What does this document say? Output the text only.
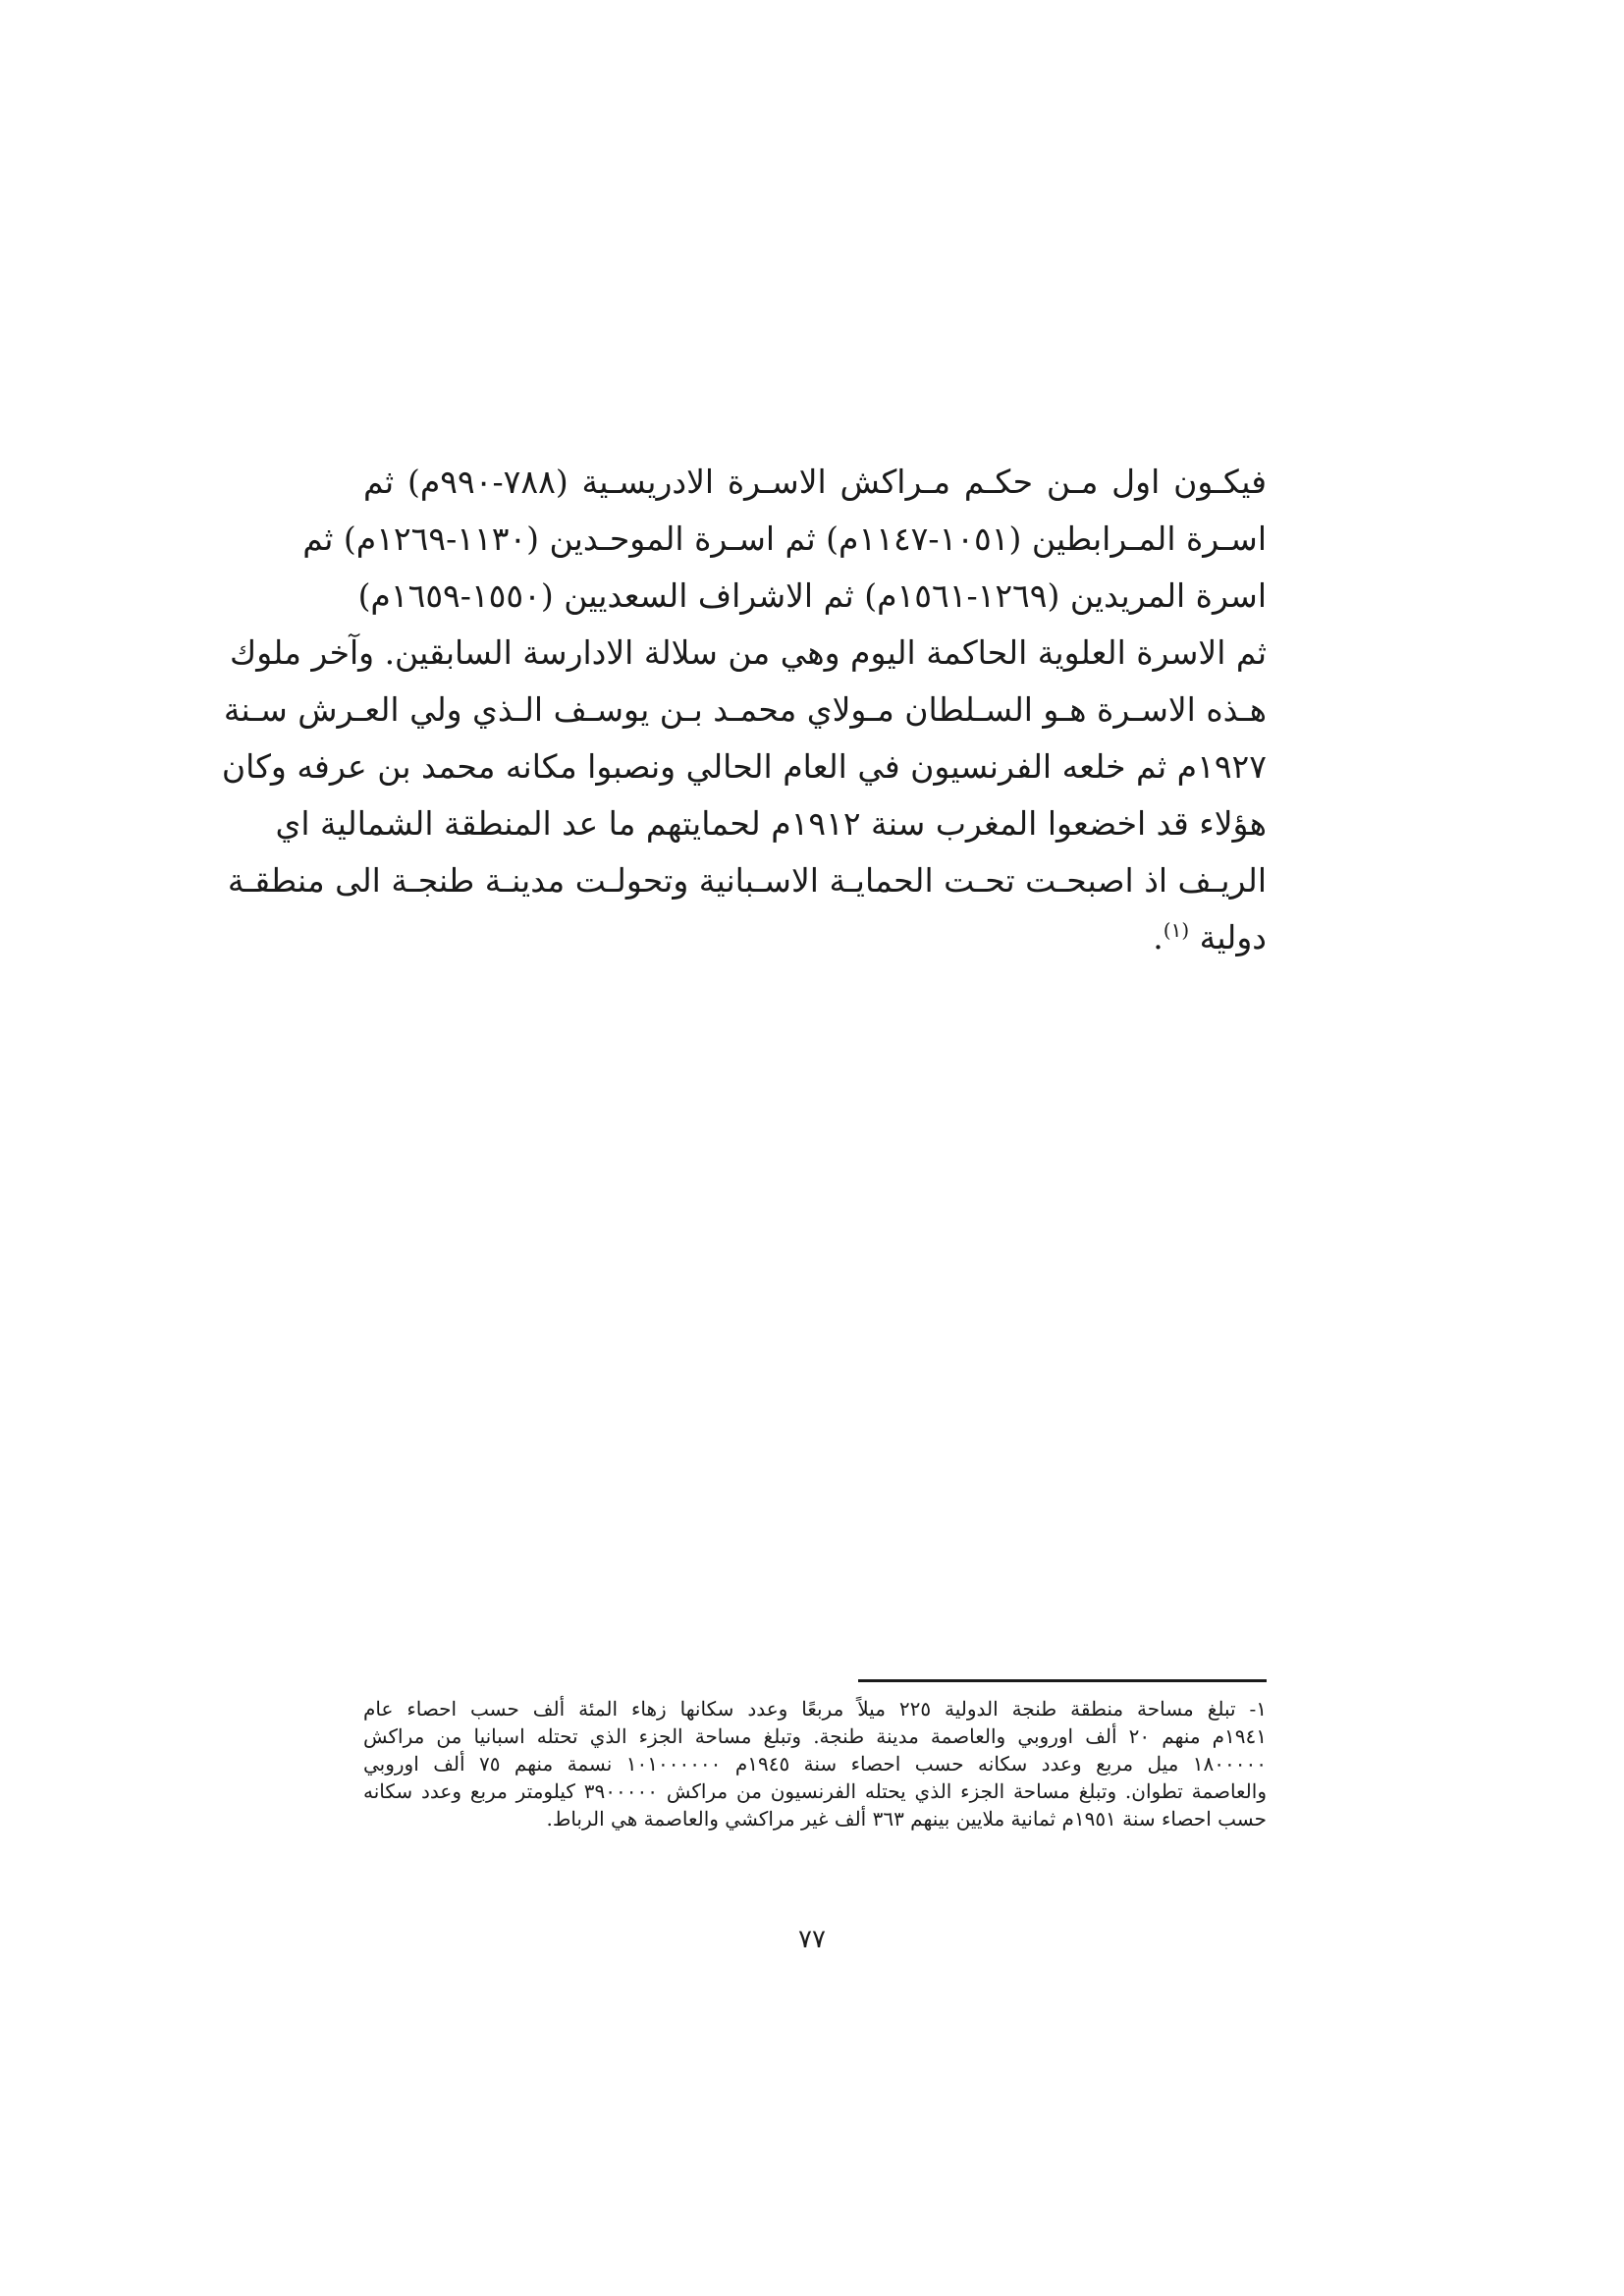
فيكـون اول مـن حكـم مـراكش الاسـرة الادريسـية (٧٨٨-٩٩٠م) ثم
اسـرة المـرابطين (١٠٥١-١١٤٧م) ثم اسـرة الموحـدين (١١٣٠-١٢٦٩م) ثم
اسرة المريدين (١٢٦٩-١٥٦١م) ثم الاشراف السعديين (١٥٥٠-١٦٥٩م)
ثم الاسرة العلوية الحاكمة اليوم وهي من سلالة الادارسة السابقين. وآخر ملوك
هـذه الاسـرة هـو السـلطان مـولاي محمـد بـن يوسـف الـذي ولي العـرش سـنة
١٩٢٧م ثم خلعه الفرنسيون في العام الحالي ونصبوا مكانه محمد بن عرفه وكان
هؤلاء قد اخضعوا المغرب سنة ١٩١٢م لحمايتهم ما عد المنطقة الشمالية اي
الريـف اذ اصبحـت تحـت الحمايـة الاسـبانية وتحولـت مدينـة طنجـة الى منطقـة
دولية $^{(١)}$.
١- تبلغ مساحة منطقة طنجة الدولية ٢٢٥ ميلاً مربعًا وعدد سكانها زهاء المئة ألف حسب احصاء عام
١٩٤١م منهم ٢٠ ألف اوروبي والعاصمة مدينة طنجة. وتبلغ مساحة الجزء الذي تحتله اسبانيا من مراكش
١٨٠٠٠٠٠ ميل مربع وعدد سكانه حسب احصاء سنة ١٩٤٥م ١٠١٠٠٠٠٠٠ نسمة منهم ٧٥ ألف اوروبي
والعاصمة تطوان. وتبلغ مساحة الجزء الذي يحتله الفرنسيون من مراكش ٣٩٠٠٠٠٠ كيلومتر مربع وعدد سكانه
حسب احصاء سنة ١٩٥١م ثمانية ملايين بينهم ٣٦٣ ألف غير مراكشي والعاصمة هي الرباط.
٧٧
